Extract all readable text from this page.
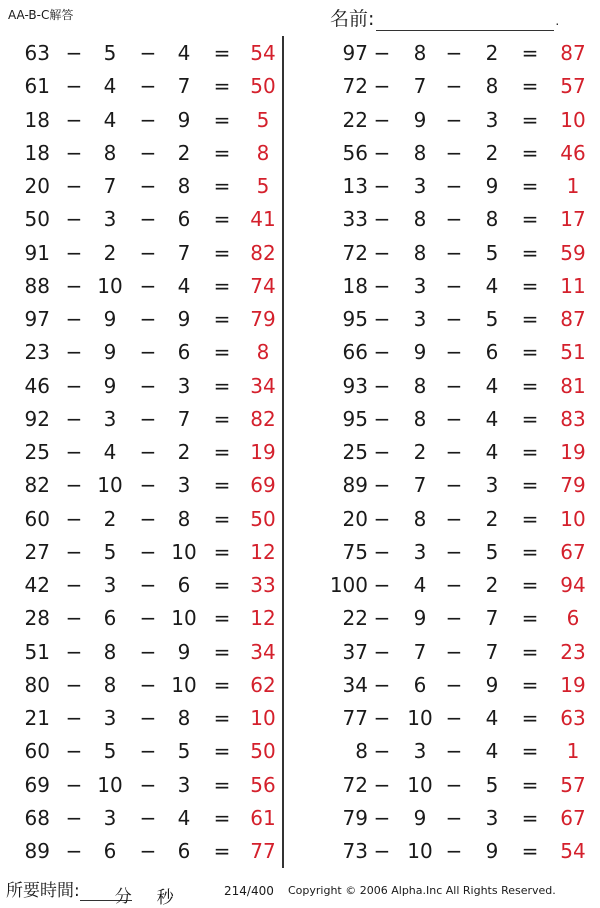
AA-B-C解答	名前:	.
63 −	5	−	4	= 54
61 −	4	−	7	= 50
18 −	4	−	9	=	5
18 −	8	−	2	=	8
20 −	7	−	8	=	5
50 −	3	−	6	= 41
91 −	2	−	7	= 82
88 − 10 −	4	= 74
97 −	9	−	9	= 79
23 −	9	−	6	=	8
46 −	9	−	3	= 34
92 −	3	−	7	= 82
25 −	4	−	2	= 19
82 − 10 −	3	= 69
60 −	2	−	8	= 50
27 −	5	− 10 = 12
42 −	3	−	6	= 33
28 −	6	− 10 = 12
51 −	8	−	9	= 34
80 −	8	− 10 = 62
21 −	3	−	8	= 10
60 −	5	−	5	= 50
69 − 10 −	3	= 56
68 −	3	−	4	= 61
89 −	6	−	6	= 77
97 −	8 −	2	=	87
72 −	7 −	8	=	57
22 −	9 −	3	=	10
56 −	8 −	2	=	46
13 −	3 −	9	=	1
33 −	8 −	8	=	17
72 −	8 −	5	=	59
18 −	3 −	4	=	11
95 −	3 −	5	=	87
66 −	9 −	6	=	51
93 −	8 −	4	=	81
95 −	8 −	4	=	83
25 −	2 −	4	=	19
89 −	7 −	3	=	79
20 −	8 −	2	=	10
75 −	3 −	5	=	67
100 −	4 −	2	=	94
22 −	9 −	7	=	6
37 −	7 −	7	=	23
34 −	6 −	9	=	19
77 − 10 −	4	=	63
8 −	3 −	4	=	1
72 − 10 −	5	=	57
79 −	9 −	3	=	67
73 − 10 −	9	=	54
所要時間: 分 秒	214/400 Copyright © 2006 Alpha.Inc All Rights Reserved.
